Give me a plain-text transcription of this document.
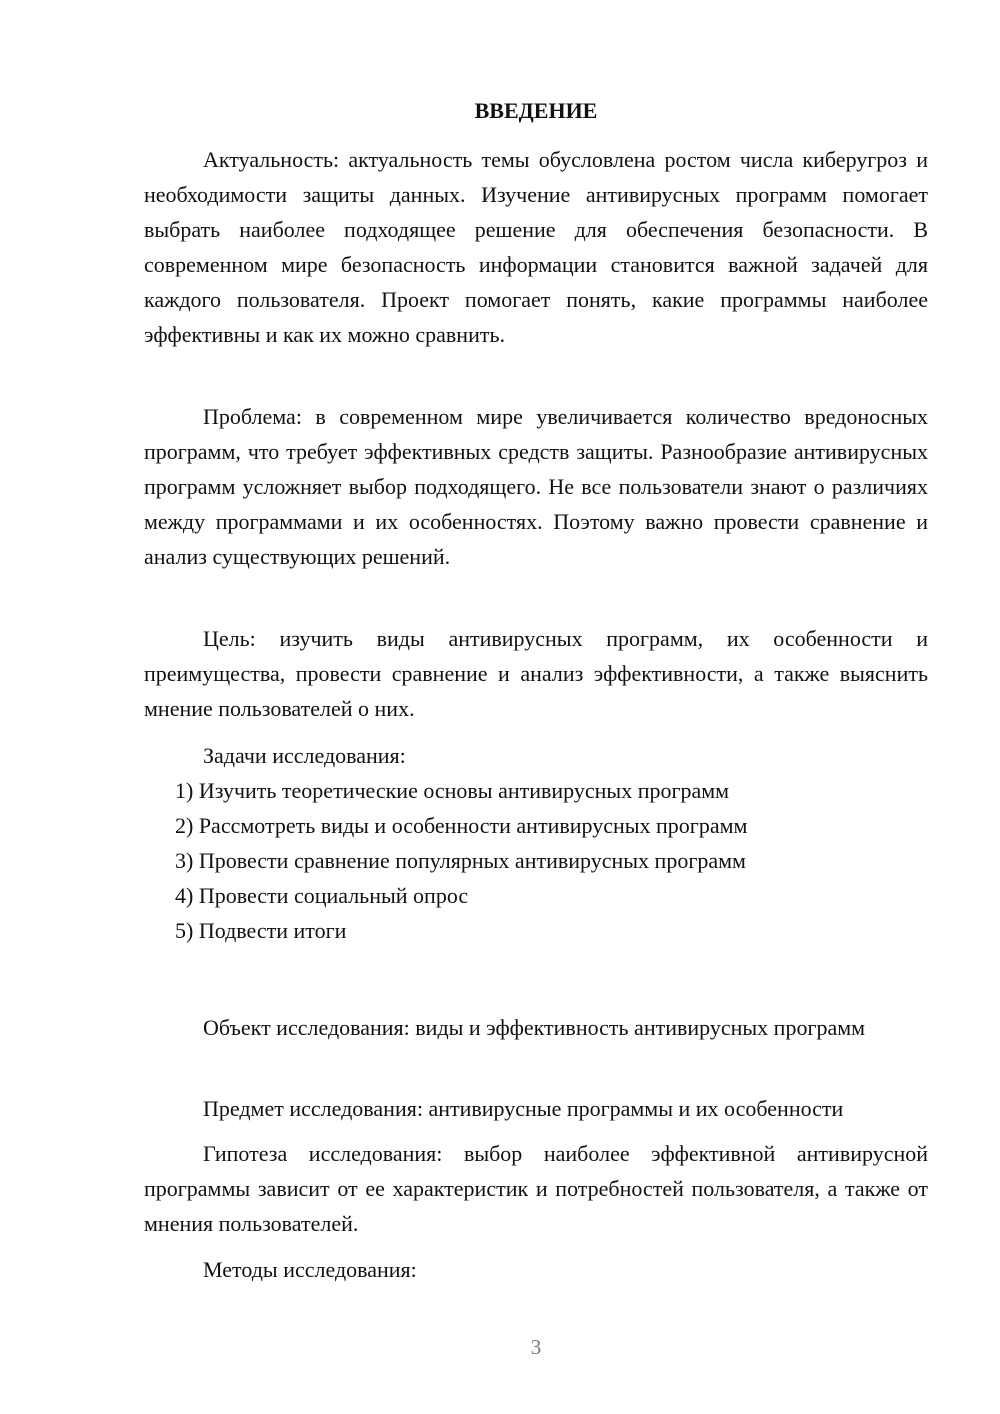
ВВЕДЕНИЕ

Актуальность: актуальность темы обусловлена ростом числа киберугроз и необходимости защиты данных. Изучение антивирусных программ помогает выбрать наиболее подходящее решение для обеспечения безопасности. В современном мире безопасность информации становится важной задачей для каждого пользователя. Проект помогает понять, какие программы наиболее эффективны и как их можно сравнить.

Проблема: в современном мире увеличивается количество вредоносных программ, что требует эффективных средств защиты. Разнообразие антивирусных программ усложняет выбор подходящего. Не все пользователи знают о различиях между программами и их особенностях. Поэтому важно провести сравнение и анализ существующих решений.

Цель: изучить виды антивирусных программ, их особенности и преимущества, провести сравнение и анализ эффективности, а также выяснить мнение пользователей о них.

Задачи исследования:

1) Изучить теоретические основы антивирусных программ

2) Рассмотреть виды и особенности антивирусных программ

3) Провести сравнение популярных антивирусных программ

4) Провести социальный опрос

5) Подвести итоги

Объект исследования: виды и эффективность антивирусных программ

Предмет исследования: антивирусные программы и их особенности

Гипотеза исследования: выбор наиболее эффективной антивирусной программы зависит от ее характеристик и потребностей пользователя, а также от мнения пользователей.

Методы исследования:

3
